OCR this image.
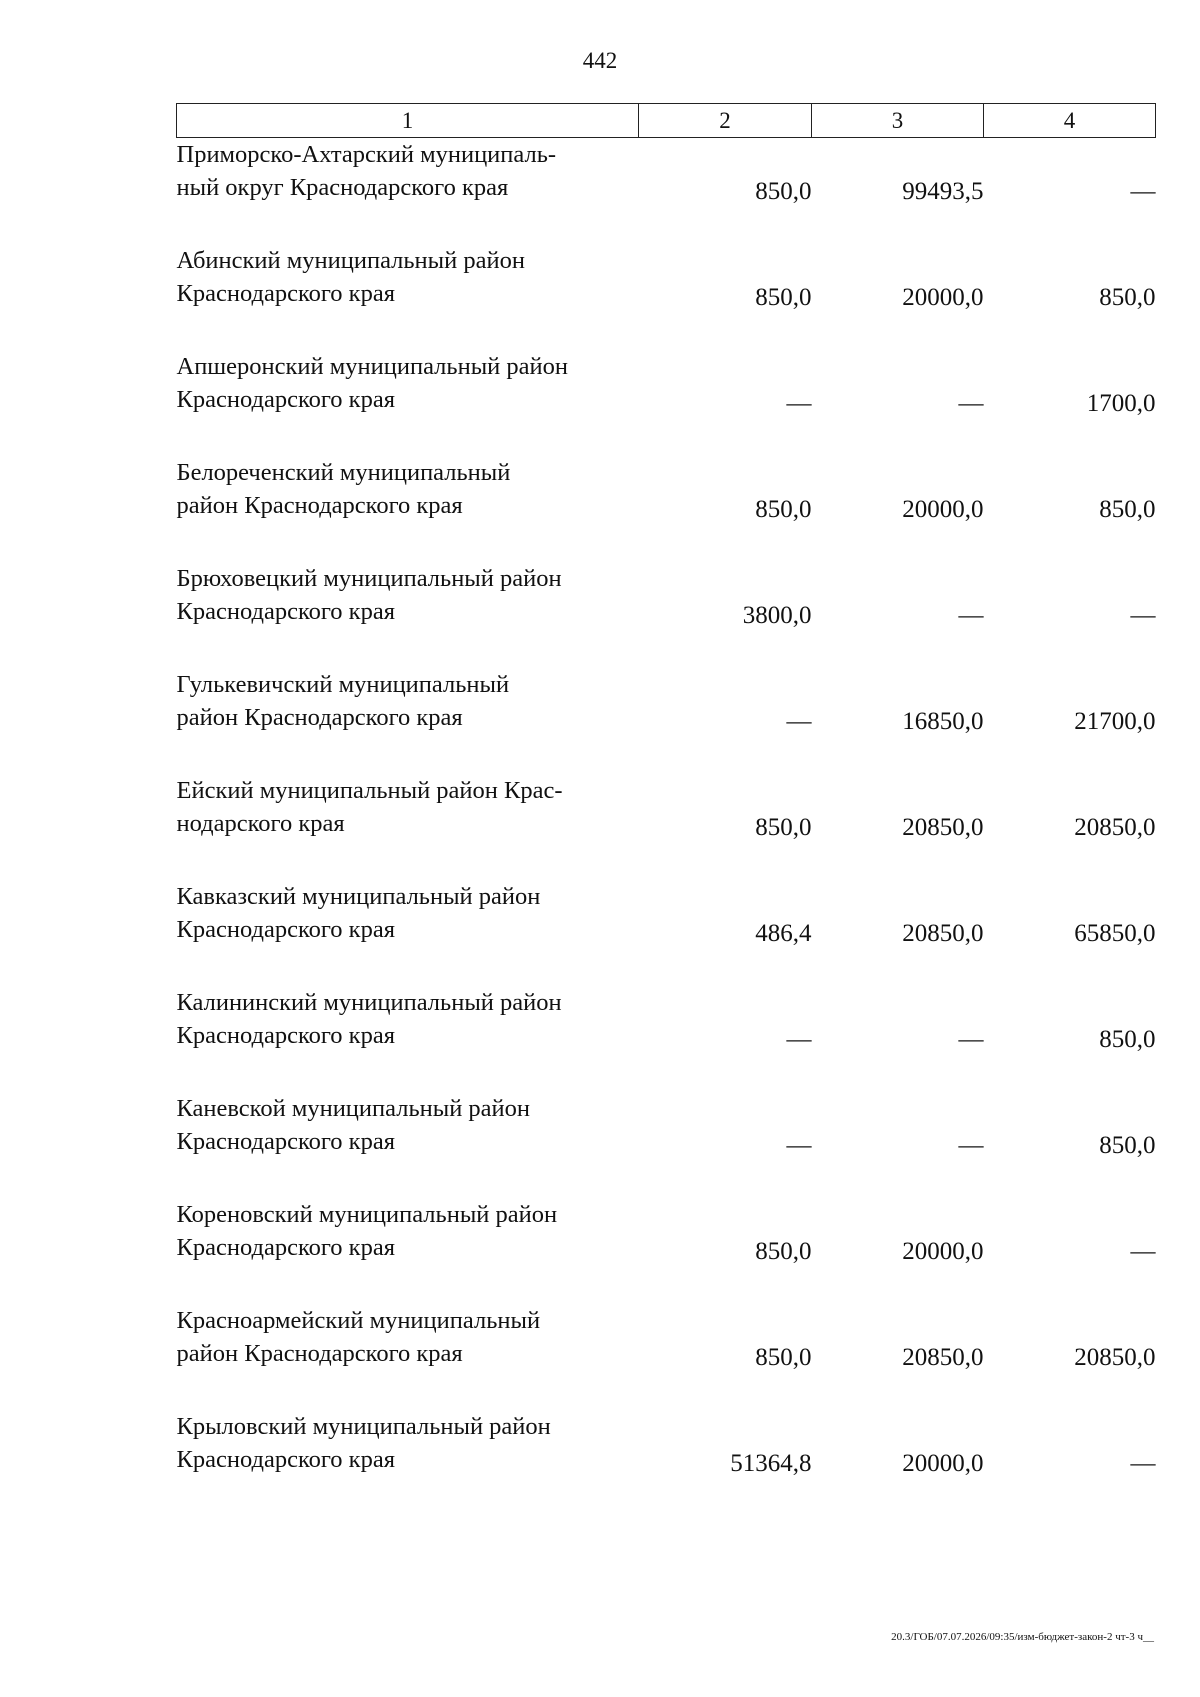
442
1	2	3	4

Приморско-Ахтарский муниципаль-
ный округ Краснодарского края	850,0	99493,5	—

Абинский муниципальный район
Краснодарского края	850,0	20000,0	850,0

Апшеронский муниципальный район
Краснодарского края	—	—	1700,0

Белореченский муниципальный
район Краснодарского края	850,0	20000,0	850,0

Брюховецкий муниципальный район
Краснодарского края	3800,0	—	—

Гулькевичский муниципальный
район Краснодарского края	—	16850,0	21700,0

Ейский муниципальный район Крас-
нодарского края	850,0	20850,0	20850,0

Кавказский муниципальный район
Краснодарского края	486,4	20850,0	65850,0

Калининский муниципальный район
Краснодарского края	—	—	850,0

Каневской муниципальный район
Краснодарского края	—	—	850,0

Кореновский муниципальный район
Краснодарского края	850,0	20000,0	—

Красноармейский муниципальный
район Краснодарского края	850,0	20850,0	20850,0

Крыловский муниципальный район
Краснодарского края	51364,8	20000,0	—
20.3/ГОБ/07.07.2026/09:35/изм-бюджет-закон-2 чт-3 ч__
